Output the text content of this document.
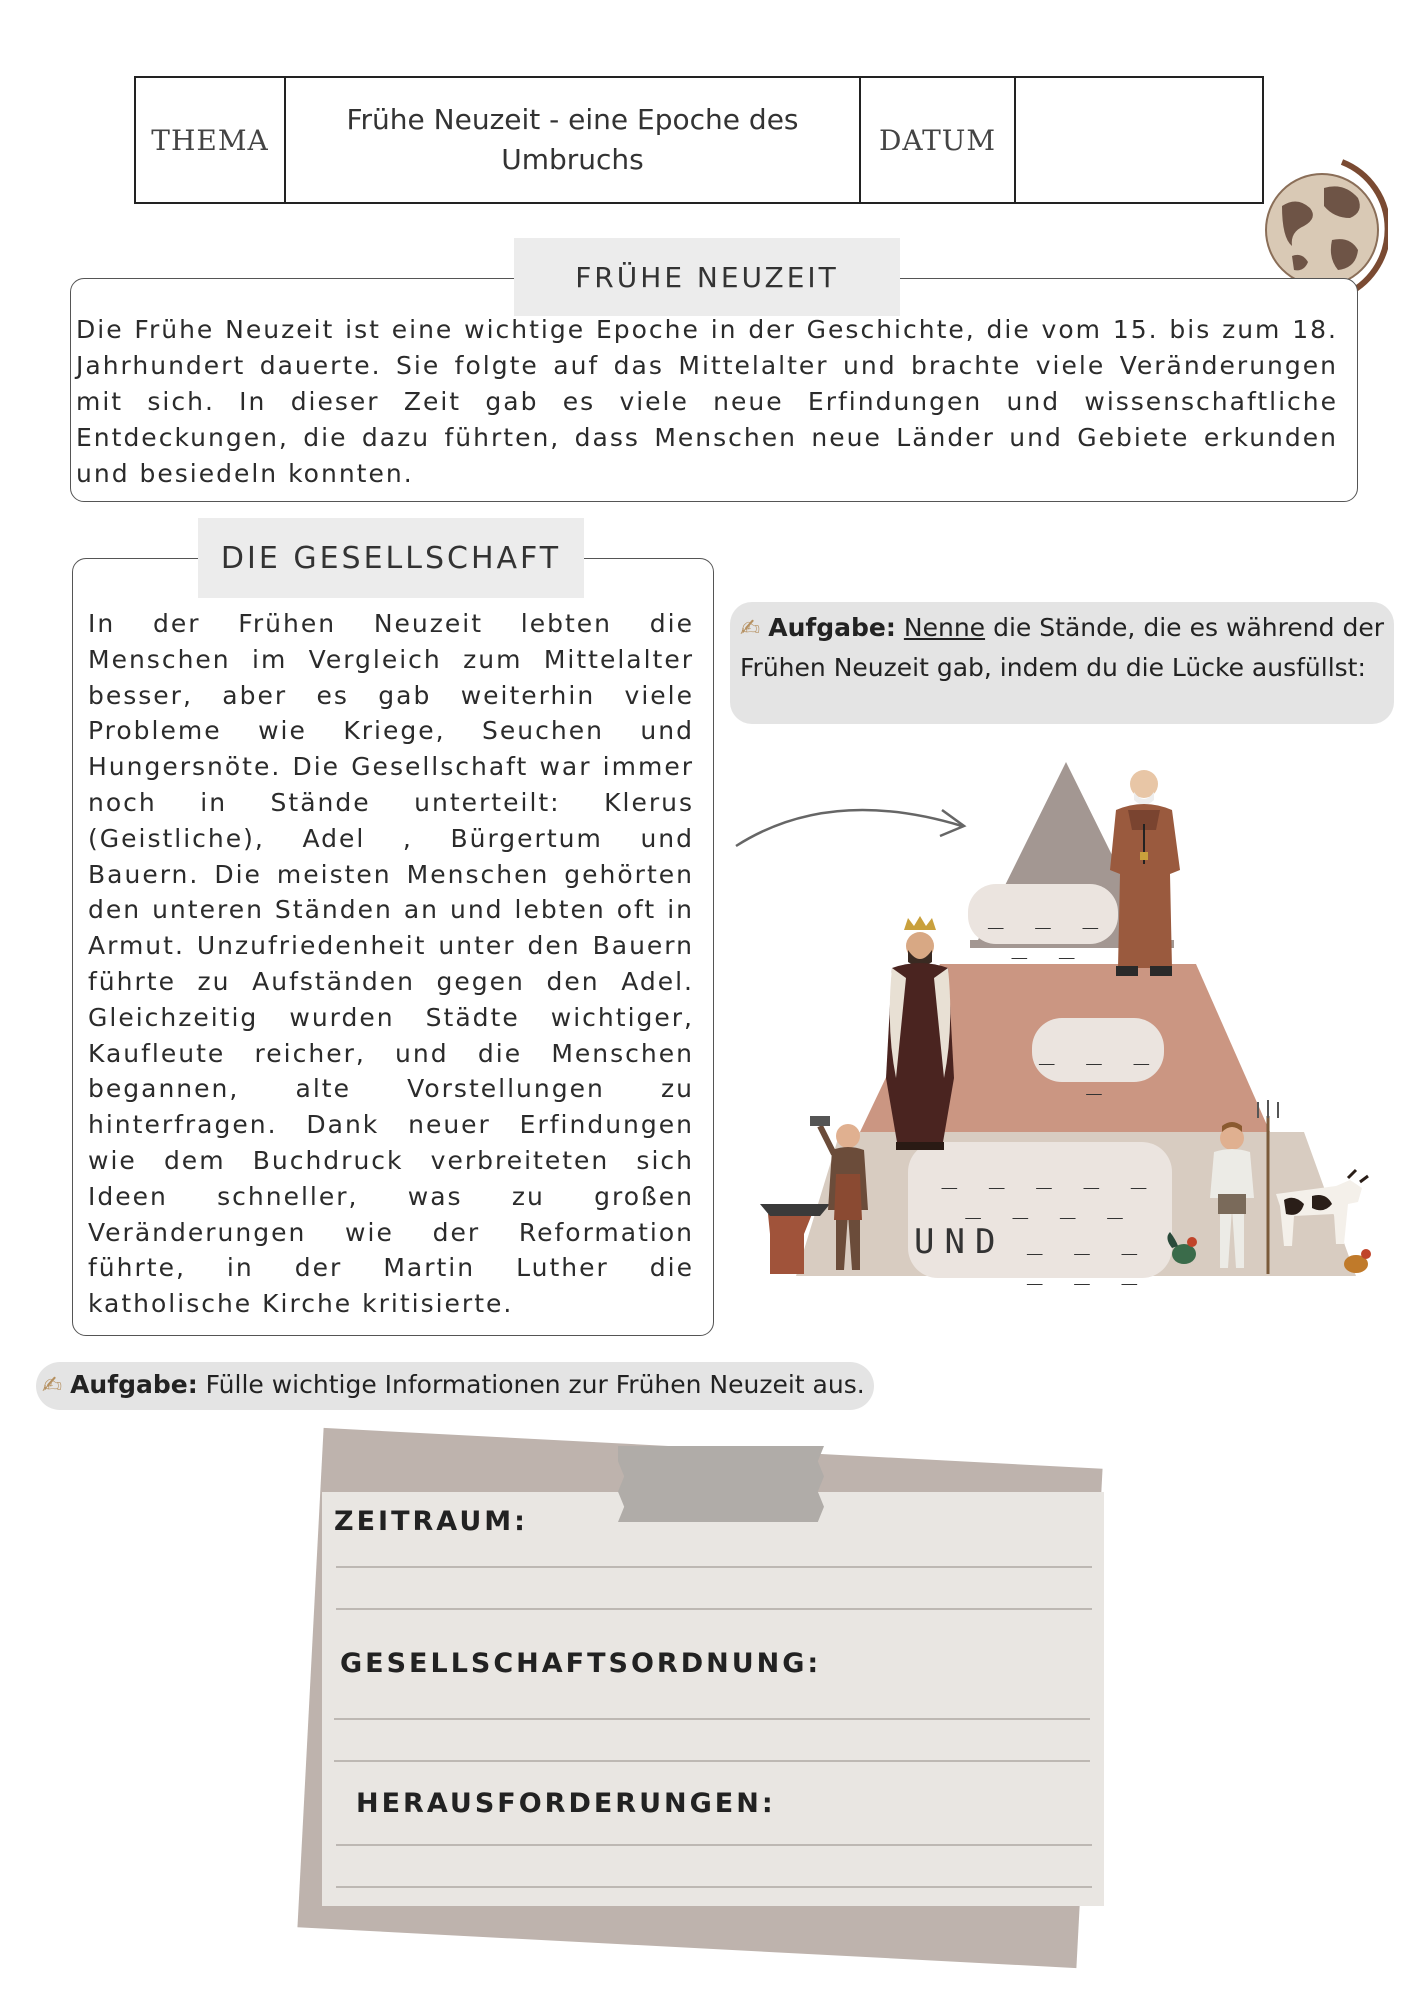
THEMA
Frühe Neuzeit - eine Epoche des Umbruchs
DATUM
FRÜHE NEUZEIT
Die Frühe Neuzeit ist eine wichtige Epoche in der Geschichte, die vom 15. bis zum 18. Jahrhundert dauerte. Sie folgte auf das Mittelalter und brachte viele Veränderungen mit sich. In dieser Zeit gab es viele neue Erfindungen und wissenschaftliche Entdeckungen, die dazu führten, dass Menschen neue Länder und Gebiete erkunden und besiedeln konnten.
DIE GESELLSCHAFT
In der Frühen Neuzeit lebten die Menschen im Vergleich zum Mittelalter besser, aber es gab weiterhin viele Probleme wie Kriege, Seuchen und Hungersnöte. Die Gesellschaft war immer noch in Stände unterteilt: Klerus (Geistliche), Adel , Bürgertum und Bauern. Die meisten Menschen gehörten den unteren Ständen an und lebten oft in Armut. Unzufriedenheit unter den Bauern führte zu Aufständen gegen den Adel. Gleichzeitig wurden Städte wichtiger, Kaufleute reicher, und die Menschen begannen, alte Vorstellungen zu hinterfragen. Dank neuer Erfindungen wie dem Buchdruck verbreiteten sich Ideen schneller, was zu großen Veränderungen wie der Reformation führte, in der Martin Luther die katholische Kirche kritisierte.
✍ Aufgabe: Nenne die Stände, die es während der Frühen Neuzeit gab, indem du die Lücke ausfüllst:
_ _ _ _ _
_ _ _ _
_ _ _ _ _ _ _ _ _
UND _ _ _ _ _ _
✍ Aufgabe: Fülle wichtige Informationen zur Frühen Neuzeit aus.
ZEITRAUM:
GESELLSCHAFTSORDNUNG:
HERAUSFORDERUNGEN:
